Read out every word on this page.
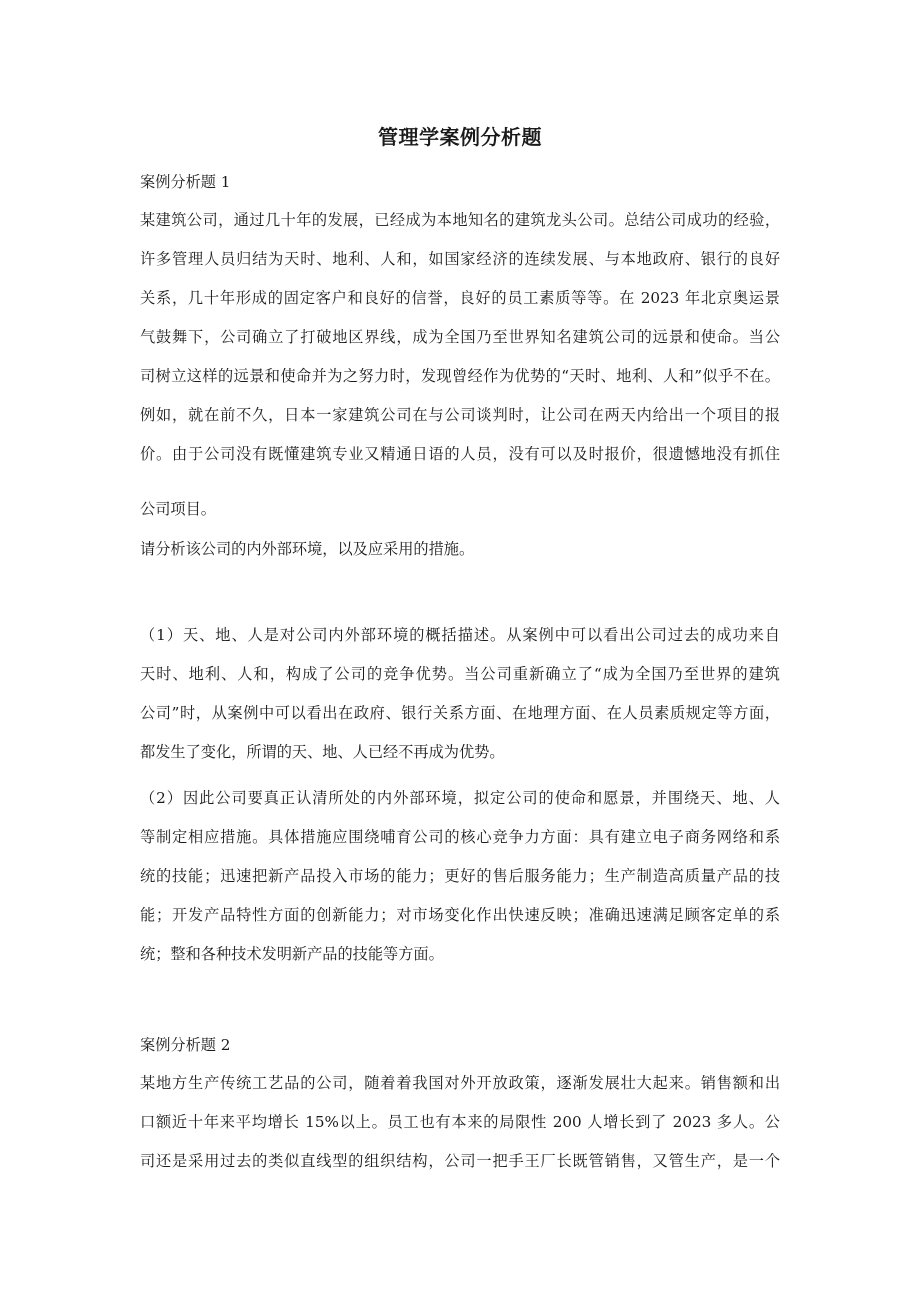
管理学案例分析题
案例分析题 1
某建筑公司，通过几十年的发展，已经成为本地知名的建筑龙头公司。总结公司成功的经验，
许多管理人员归结为天时、地利、人和，如国家经济的连续发展、与本地政府、银行的良好
关系，几十年形成的固定客户和良好的信誉，良好的员工素质等等。在 2023 年北京奥运景
气鼓舞下，公司确立了打破地区界线，成为全国乃至世界知名建筑公司的远景和使命。当公
司树立这样的远景和使命并为之努力时，发现曾经作为优势的“天时、地利、人和”似乎不在。
例如，就在前不久，日本一家建筑公司在与公司谈判时，让公司在两天内给出一个项目的报
价。由于公司没有既懂建筑专业又精通日语的人员，没有可以及时报价，很遗憾地没有抓住
公司项目。
请分析该公司的内外部环境，以及应采用的措施。
（1）天、地、人是对公司内外部环境的概括描述。从案例中可以看出公司过去的成功来自
天时、地利、人和，构成了公司的竞争优势。当公司重新确立了“成为全国乃至世界的建筑
公司”时，从案例中可以看出在政府、银行关系方面、在地理方面、在人员素质规定等方面，
都发生了变化，所谓的天、地、人已经不再成为优势。
（2）因此公司要真正认清所处的内外部环境，拟定公司的使命和愿景，并围绕天、地、人
等制定相应措施。具体措施应围绕哺育公司的核心竞争力方面：具有建立电子商务网络和系
统的技能；迅速把新产品投入市场的能力；更好的售后服务能力；生产制造高质量产品的技
能；开发产品特性方面的创新能力；对市场变化作出快速反映；准确迅速满足顾客定单的系
统；整和各种技术发明新产品的技能等方面。
案例分析题 2
某地方生产传统工艺品的公司，随着着我国对外开放政策，逐渐发展壮大起来。销售额和出
口额近十年来平均增长 15%以上。员工也有本来的局限性 200 人增长到了 2023 多人。公
司还是采用过去的类似直线型的组织结构，公司一把手王厂长既管销售，又管生产，是一个
